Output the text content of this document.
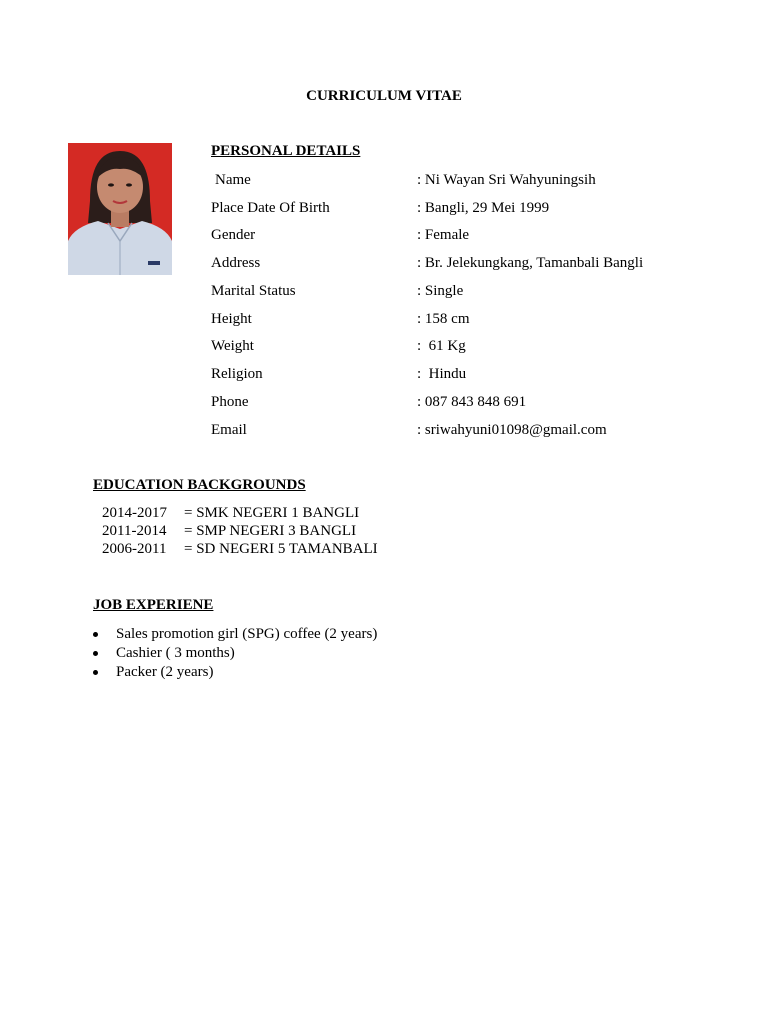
CURRICULUM VITAE
PERSONAL DETAILS
Name	: Ni Wayan Sri Wahyuningsih
Place Date Of Birth	: Bangli, 29 Mei 1999
Gender	: Female
Address	: Br. Jelekungkang, Tamanbali Bangli
Marital Status	: Single
Height	: 158 cm
Weight	:  61 Kg
Religion	:  Hindu
Phone	: 087 843 848 691
Email	: sriwahyuni01098@gmail.com
EDUCATION BACKGROUNDS
2014-2017 = SMK NEGERI 1 BANGLI
2011-2014 = SMP NEGERI 3 BANGLI
2006-2011 = SD NEGERI 5 TAMANBALI
JOB EXPERIENE
Sales promotion girl (SPG) coffee (2 years)
Cashier ( 3 months)
Packer (2 years)
